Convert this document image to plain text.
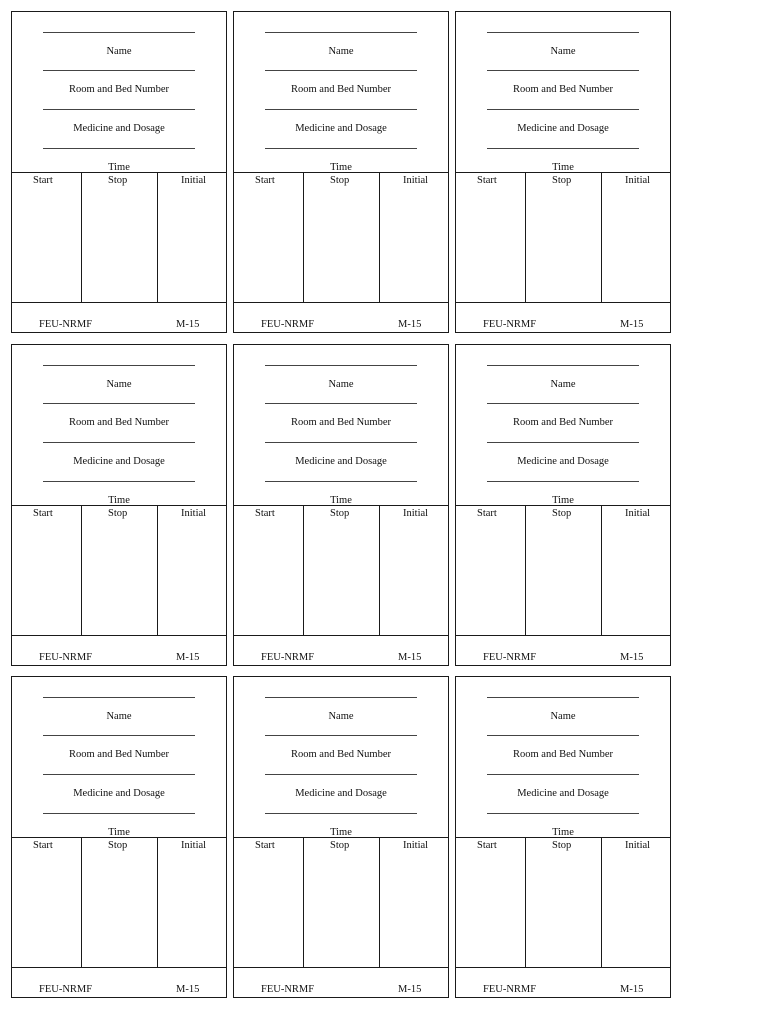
Name
Room and Bed Number
Medicine and Dosage
Time
Start	Stop	Initial
FEU-NRMF	M-15
Name
Room and Bed Number
Medicine and Dosage
Time
Start	Stop	Initial
FEU-NRMF	M-15
Name
Room and Bed Number
Medicine and Dosage
Time
Start	Stop	Initial
FEU-NRMF	M-15
Name
Room and Bed Number
Medicine and Dosage
Time
Start	Stop	Initial
FEU-NRMF	M-15
Name
Room and Bed Number
Medicine and Dosage
Time
Start	Stop	Initial
FEU-NRMF	M-15
Name
Room and Bed Number
Medicine and Dosage
Time
Start	Stop	Initial
FEU-NRMF	M-15
Name
Room and Bed Number
Medicine and Dosage
Time
Start	Stop	Initial
FEU-NRMF	M-15
Name
Room and Bed Number
Medicine and Dosage
Time
Start	Stop	Initial
FEU-NRMF	M-15
Name
Room and Bed Number
Medicine and Dosage
Time
Start	Stop	Initial
FEU-NRMF	M-15
